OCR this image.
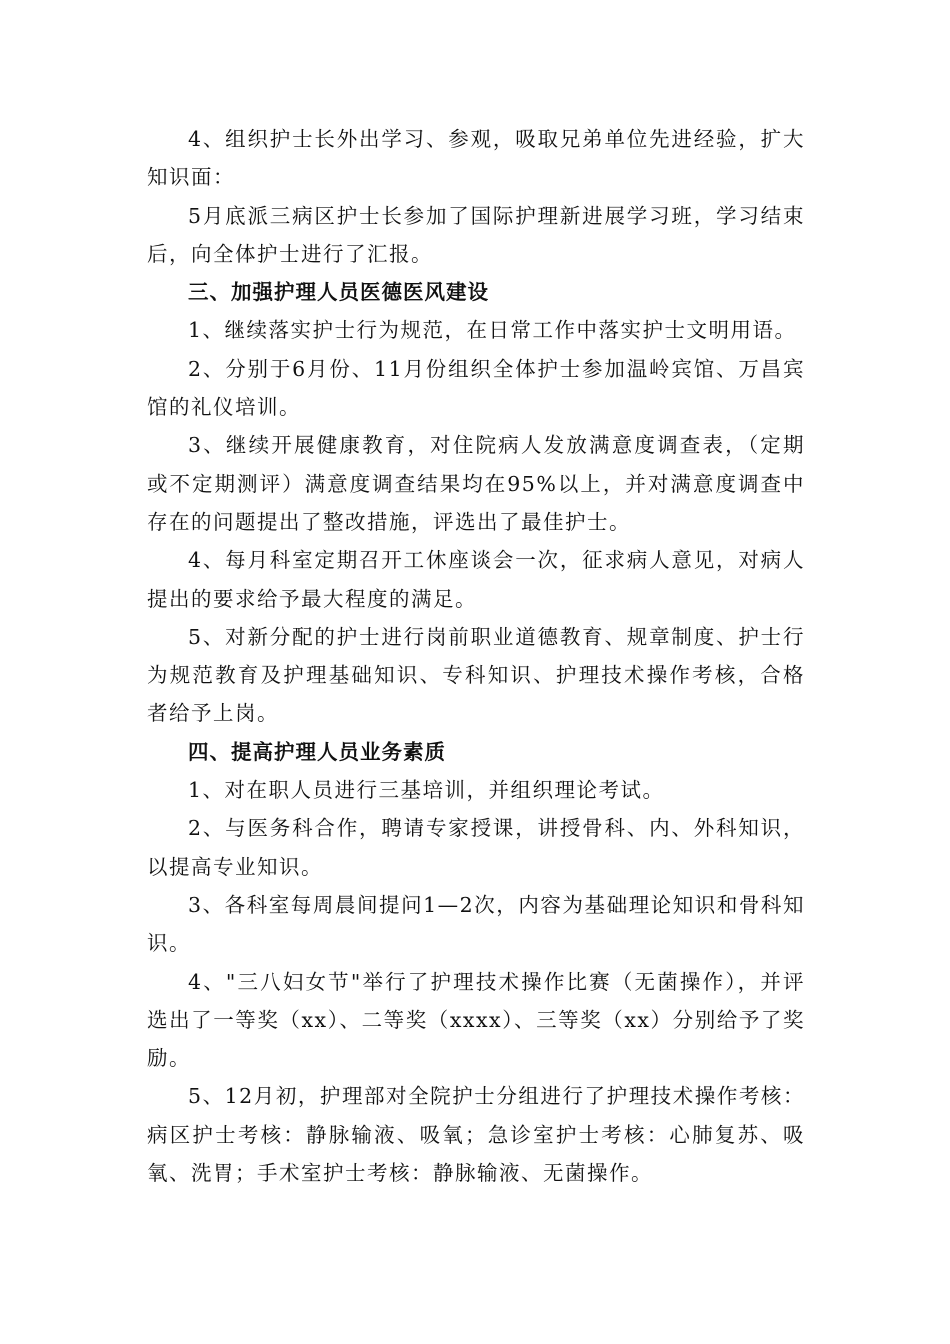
4、组织护士长外出学习、参观，吸取兄弟单位先进经验，扩大知识面：

5月底派三病区护士长参加了国际护理新进展学习班，学习结束后，向全体护士进行了汇报。

三、加强护理人员医德医风建设

1、继续落实护士行为规范，在日常工作中落实护士文明用语。

2、分别于6月份、11月份组织全体护士参加温岭宾馆、万昌宾馆的礼仪培训。

3、继续开展健康教育，对住院病人发放满意度调查表，（定期或不定期测评）满意度调查结果均在95%以上，并对满意度调查中存在的问题提出了整改措施，评选出了最佳护士。

4、每月科室定期召开工休座谈会一次，征求病人意见，对病人提出的要求给予最大程度的满足。

5、对新分配的护士进行岗前职业道德教育、规章制度、护士行为规范教育及护理基础知识、专科知识、护理技术操作考核，合格者给予上岗。

四、提高护理人员业务素质

1、对在职人员进行三基培训，并组织理论考试。

2、与医务科合作，聘请专家授课，讲授骨科、内、外科知识，以提高专业知识。

3、各科室每周晨间提问1—2次，内容为基础理论知识和骨科知识。

4、"三八妇女节"举行了护理技术操作比赛（无菌操作），并评选出了一等奖（xx）、二等奖（xxxx）、三等奖（xx）分别给予了奖励。

5、12月初，护理部对全院护士分组进行了护理技术操作考核：病区护士考核：静脉输液、吸氧；急诊室护士考核：心肺复苏、吸氧、洗胃；手术室护士考核：静脉输液、无菌操作。
